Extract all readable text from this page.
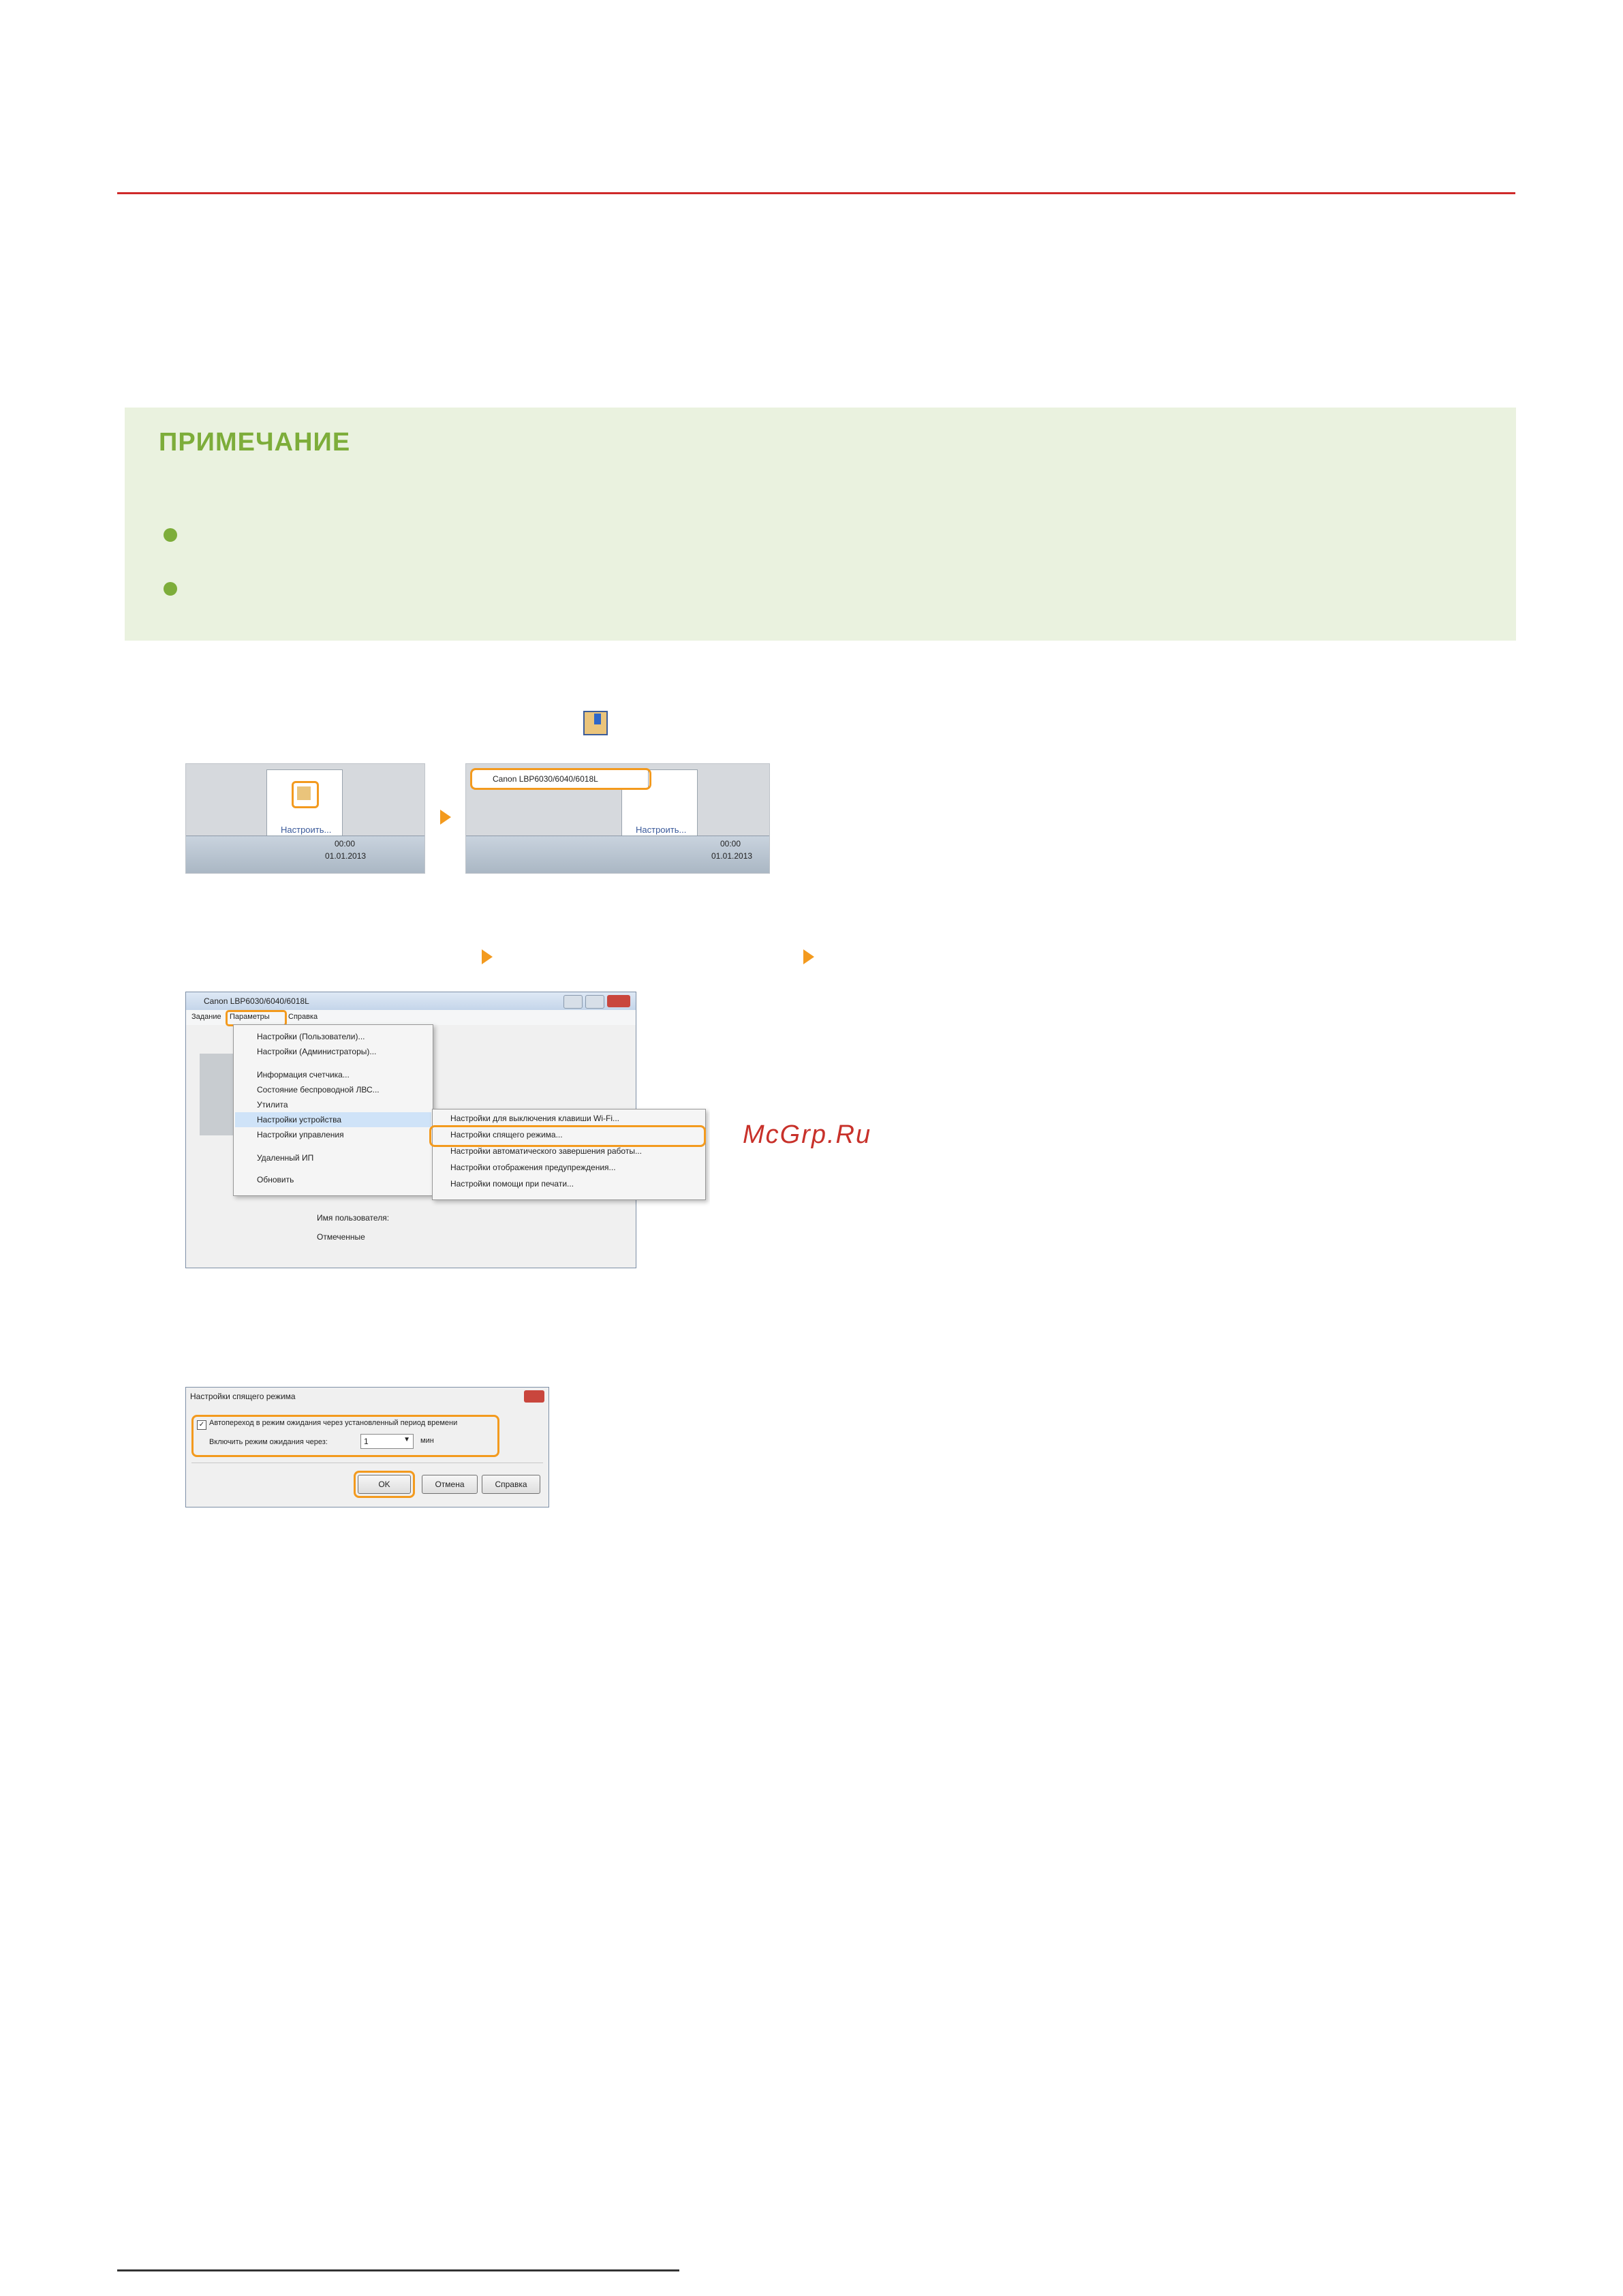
ПРИМЕЧАНИЕ
Настроить...
00:00
01.01.2013
Настроить...
Canon LBP6030/6040/6018L
00:00
01.01.2013
Canon LBP6030/6040/6018L
Задание Параметры Справка
Имя пользователя:
Отмеченные
Настройки (Пользователи)...
Настройки (Администраторы)...
Информация счетчика...
Состояние беспроводной ЛВС...
Утилита
Настройки устройства
Настройки управления
Удаленный ИП
Обновить
Настройки для выключения клавиши Wi-Fi...
Настройки спящего режима...
Настройки автоматического завершения работы...
Настройки отображения предупреждения...
Настройки помощи при печати...
McGrp.Ru
Настройки спящего режима
✓ Автопереход в режим ожидания через установленный период времени
Включить режим ожидания через:	1	▼ мин
OK	Отмена	Справка
